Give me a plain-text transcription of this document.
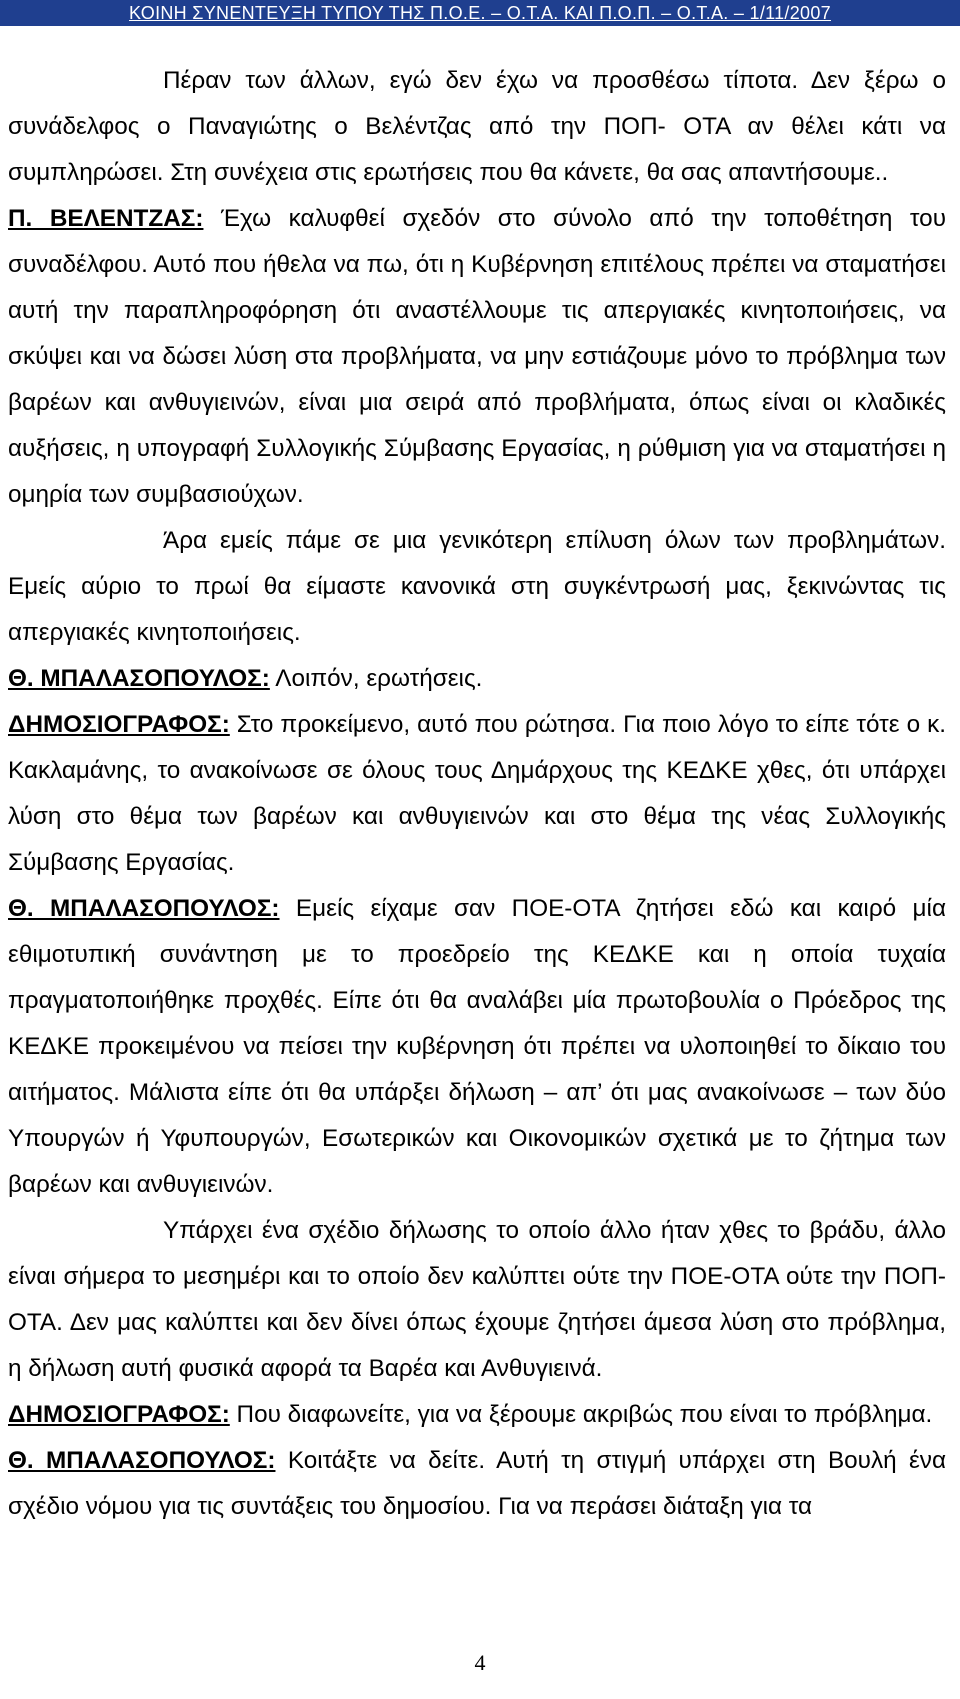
ΚΟΙΝΗ ΣΥΝΕΝΤΕΥΞΗ ΤΥΠΟΥ ΤΗΣ Π.Ο.Ε. – Ο.Τ.Α. ΚΑΙ Π.Ο.Π. – Ο.Τ.Α. – 1/11/2007

Πέραν των άλλων, εγώ δεν έχω να προσθέσω τίποτα. Δεν ξέρω ο συνάδελφος ο Παναγιώτης ο Βελέντζας από την ΠΟΠ- ΟΤΑ αν θέλει κάτι να συμπληρώσει. Στη συνέχεια στις ερωτήσεις που θα κάνετε, θα σας απαντήσουμε..

Π. ΒΕΛΕΝΤΖΑΣ: Έχω καλυφθεί σχεδόν στο σύνολο από την τοποθέτηση του συναδέλφου. Αυτό που ήθελα να πω, ότι η Κυβέρνηση επιτέλους πρέπει να σταματήσει αυτή την παραπληροφόρηση ότι αναστέλλουμε τις απεργιακές κινητοποιήσεις, να σκύψει και να δώσει λύση στα προβλήματα, να μην εστιάζουμε μόνο το πρόβλημα των βαρέων και ανθυγιεινών, είναι μια σειρά από προβλήματα, όπως είναι οι κλαδικές αυξήσεις, η υπογραφή Συλλογικής Σύμβασης Εργασίας, η ρύθμιση για να σταματήσει η ομηρία των συμβασιούχων.

Άρα εμείς πάμε σε μια γενικότερη επίλυση όλων των προβλημάτων. Εμείς αύριο το πρωί θα είμαστε κανονικά στη συγκέντρωσή μας, ξεκινώντας τις απεργιακές κινητοποιήσεις.

Θ. ΜΠΑΛΑΣΟΠΟΥΛΟΣ: Λοιπόν, ερωτήσεις.

ΔΗΜΟΣΙΟΓΡΑΦΟΣ: Στο προκείμενο, αυτό που ρώτησα. Για ποιο λόγο το είπε τότε ο κ. Κακλαμάνης, το ανακοίνωσε σε όλους τους Δημάρχους της ΚΕΔΚΕ χθες, ότι υπάρχει λύση στο θέμα των βαρέων και ανθυγιεινών και στο θέμα της νέας Συλλογικής Σύμβασης Εργασίας.

Θ. ΜΠΑΛΑΣΟΠΟΥΛΟΣ: Εμείς είχαμε σαν ΠΟΕ-ΟΤΑ ζητήσει εδώ και καιρό μία εθιμοτυπική συνάντηση με το προεδρείο της ΚΕΔΚΕ και η οποία τυχαία πραγματοποιήθηκε προχθές. Είπε ότι θα αναλάβει μία πρωτοβουλία ο Πρόεδρος της ΚΕΔΚΕ προκειμένου να πείσει την κυβέρνηση ότι πρέπει να υλοποιηθεί το δίκαιο του αιτήματος. Μάλιστα είπε ότι θα υπάρξει δήλωση – απ’ ότι μας ανακοίνωσε – των δύο Υπουργών ή Υφυπουργών, Εσωτερικών και Οικονομικών σχετικά με το ζήτημα των βαρέων και ανθυγιεινών.

Υπάρχει ένα σχέδιο δήλωσης το οποίο άλλο ήταν χθες το βράδυ, άλλο είναι σήμερα το μεσημέρι και το οποίο δεν καλύπτει ούτε την ΠΟΕ-ΟΤΑ ούτε την ΠΟΠ-ΟΤΑ. Δεν μας καλύπτει και δεν δίνει όπως έχουμε ζητήσει άμεσα λύση στο πρόβλημα, η δήλωση αυτή φυσικά αφορά τα Βαρέα και Ανθυγιεινά.

ΔΗΜΟΣΙΟΓΡΑΦΟΣ: Που διαφωνείτε, για να ξέρουμε ακριβώς που είναι το πρόβλημα.

Θ. ΜΠΑΛΑΣΟΠΟΥΛΟΣ: Κοιτάξτε να δείτε. Αυτή τη στιγμή υπάρχει στη Βουλή ένα σχέδιο νόμου για τις συντάξεις του δημοσίου. Για να περάσει διάταξη για τα

4
